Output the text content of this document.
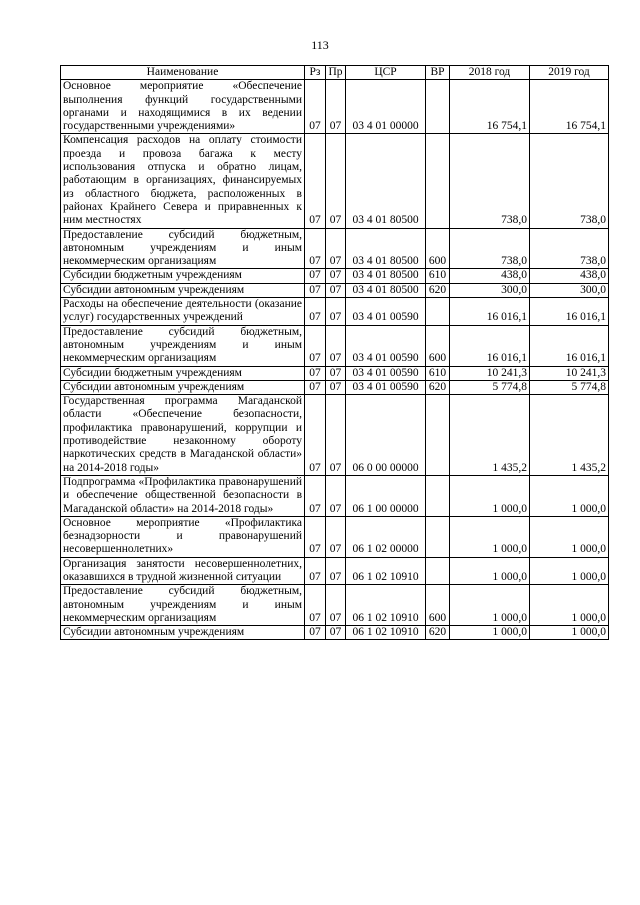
113
Наименование	Рз	Пр	ЦСР	ВР	2018 год	2019 год
Основное мероприятие «Обеспечение выполнения функций государственными органами и находящимися в их ведении государственными учреждениями»	07	07	03 4 01 00000		16 754,1	16 754,1
Компенсация расходов на оплату стоимости проезда и провоза багажа к месту использования отпуска и обратно лицам, работающим в организациях, финансируемых из областного бюджета, расположенных в районах Крайнего Севера и приравненных к ним местностях	07	07	03 4 01 80500		738,0	738,0
Предоставление субсидий бюджетным, автономным учреждениям и иным некоммерческим организациям	07	07	03 4 01 80500	600	738,0	738,0
Субсидии бюджетным учреждениям	07	07	03 4 01 80500	610	438,0	438,0
Субсидии автономным учреждениям	07	07	03 4 01 80500	620	300,0	300,0
Расходы на обеспечение деятельности (оказание услуг) государственных учреждений	07	07	03 4 01 00590		16 016,1	16 016,1
Предоставление субсидий бюджетным, автономным учреждениям и иным некоммерческим организациям	07	07	03 4 01 00590	600	16 016,1	16 016,1
Субсидии бюджетным учреждениям	07	07	03 4 01 00590	610	10 241,3	10 241,3
Субсидии автономным учреждениям	07	07	03 4 01 00590	620	5 774,8	5 774,8
Государственная программа Магаданской области «Обеспечение безопасности, профилактика правонарушений, коррупции и противодействие незаконному обороту наркотических средств в Магаданской области» на 2014-2018 годы»	07	07	06 0 00 00000		1 435,2	1 435,2
Подпрограмма «Профилактика правонарушений и обеспечение общественной безопасности в Магаданской области» на 2014-2018 годы»	07	07	06 1 00 00000		1 000,0	1 000,0
Основное мероприятие «Профилактика безнадзорности и правонарушений несовершеннолетних»	07	07	06 1 02 00000		1 000,0	1 000,0
Организация занятости несовершеннолетних, оказавшихся в трудной жизненной ситуации	07	07	06 1 02 10910		1 000,0	1 000,0
Предоставление субсидий бюджетным, автономным учреждениям и иным некоммерческим организациям	07	07	06 1 02 10910	600	1 000,0	1 000,0
Субсидии автономным учреждениям	07	07	06 1 02 10910	620	1 000,0	1 000,0
